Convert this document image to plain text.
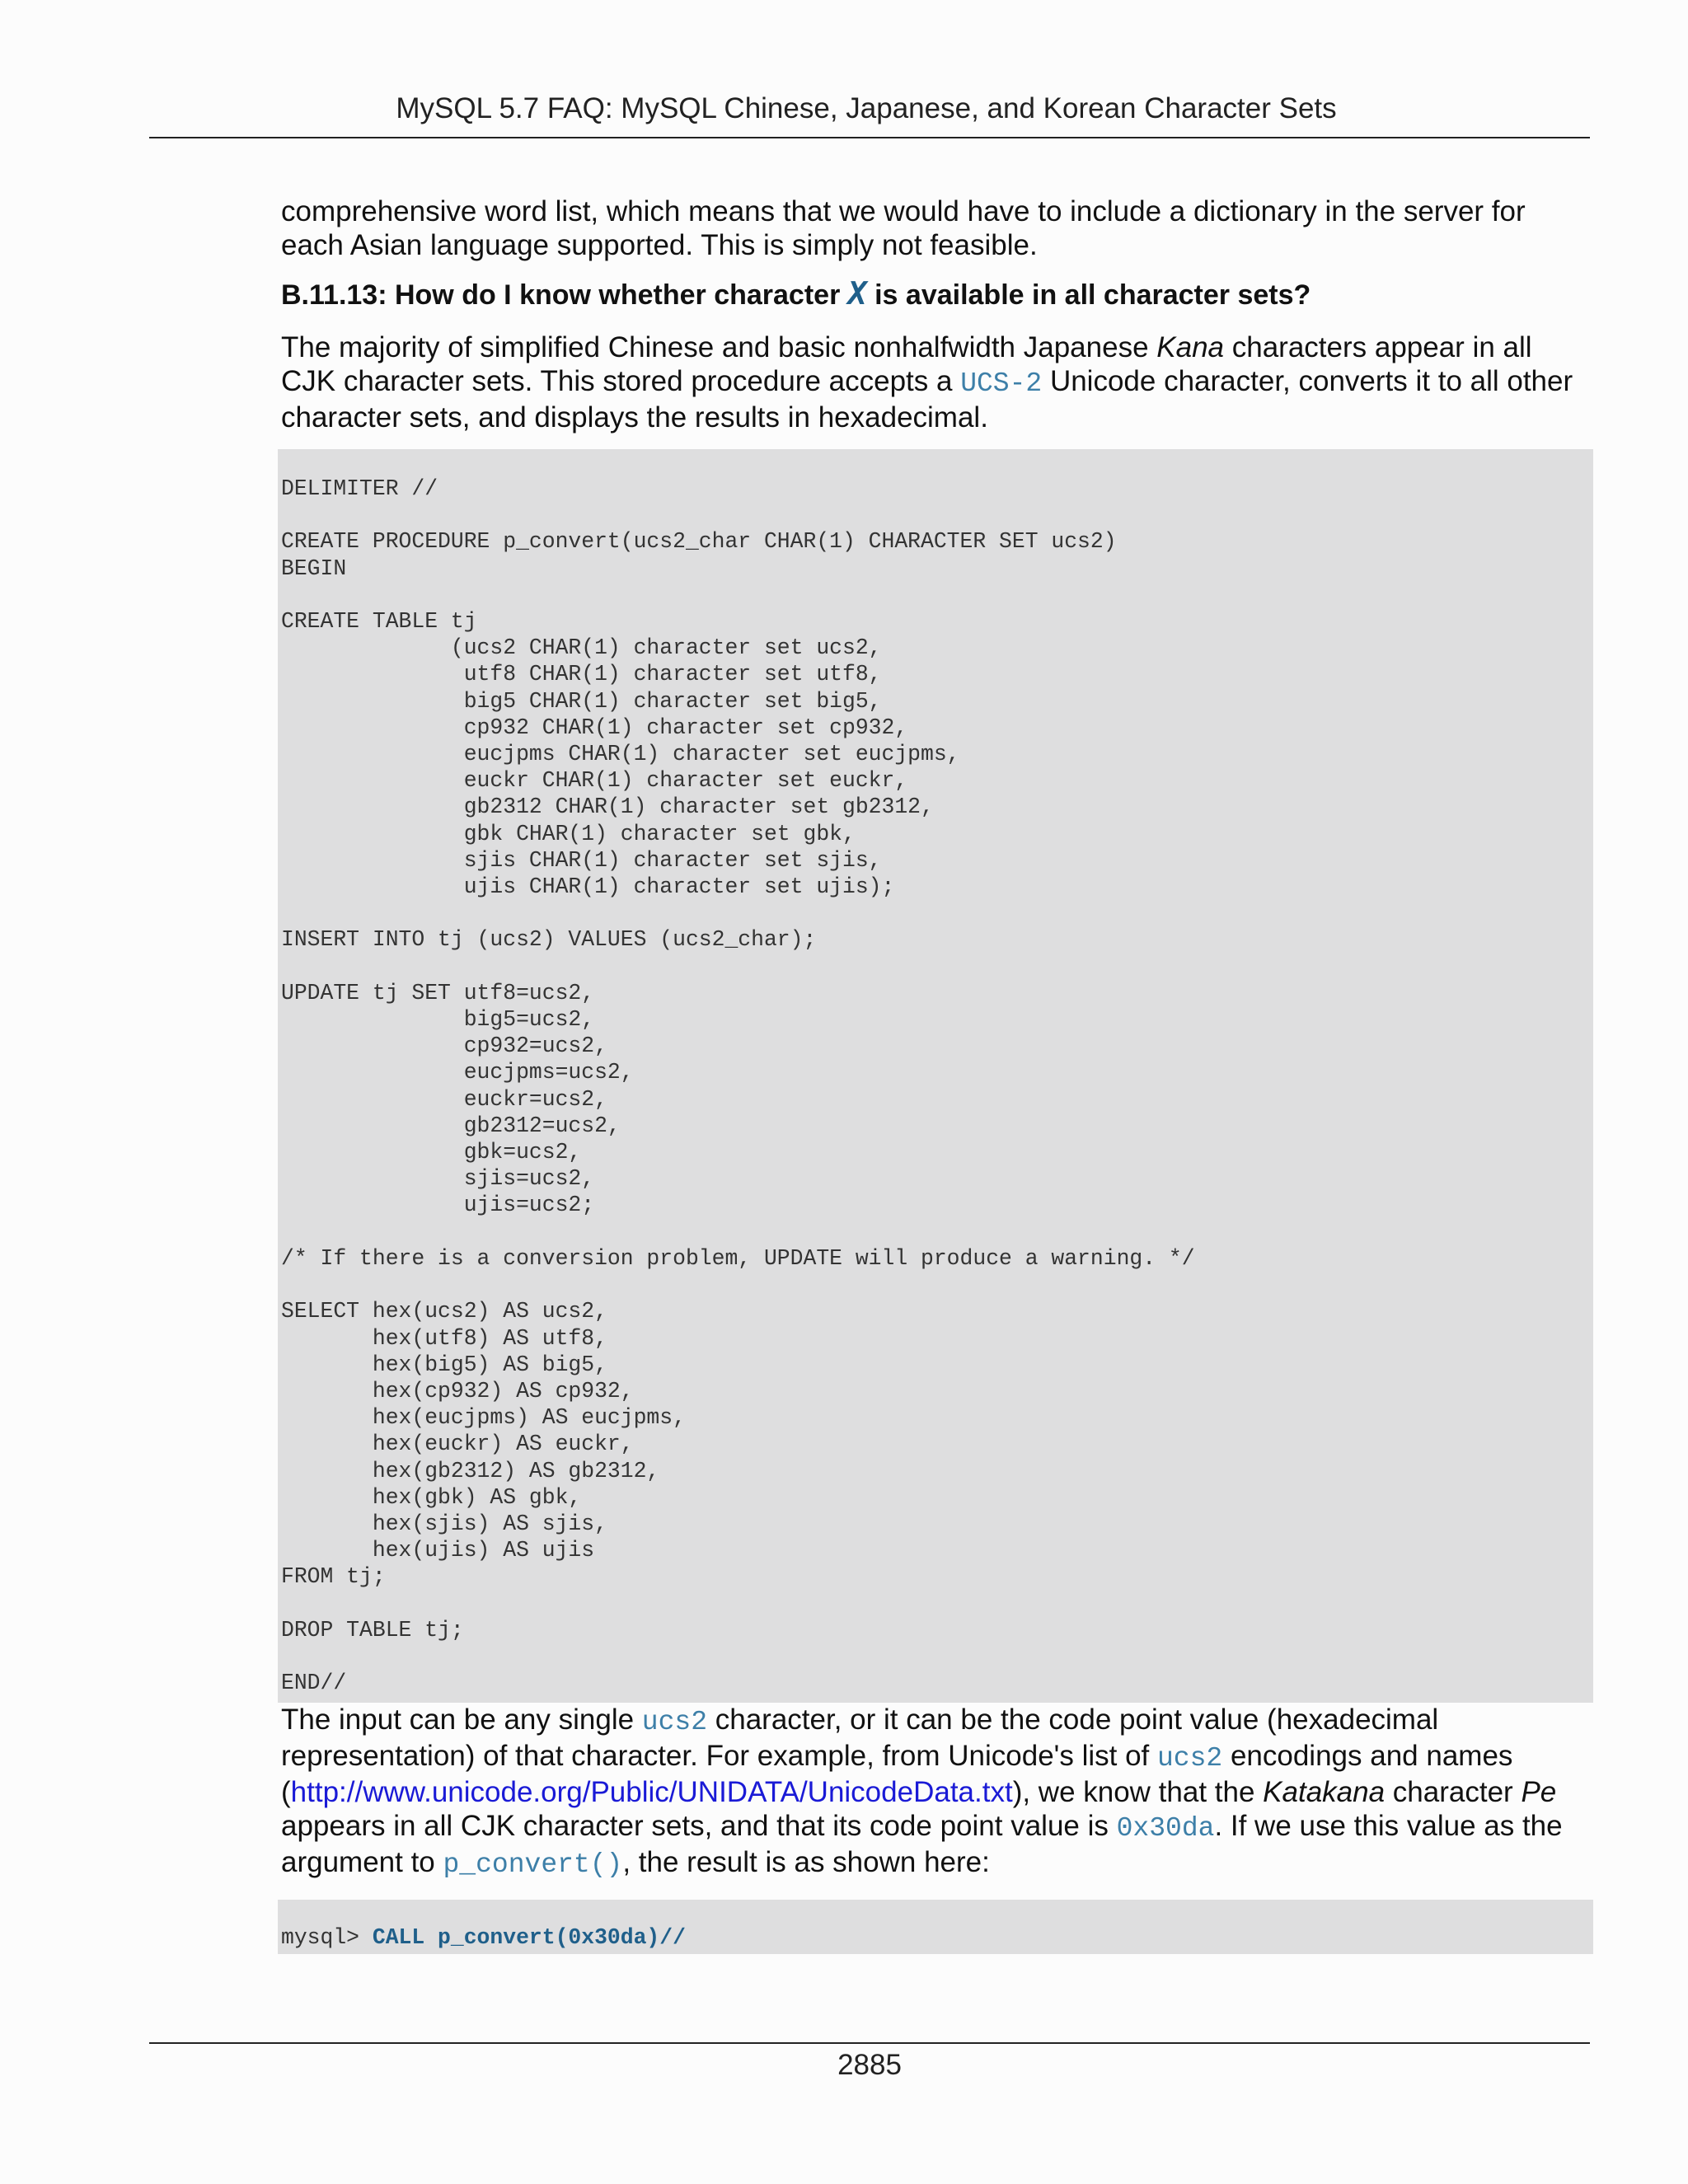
MySQL 5.7 FAQ: MySQL Chinese, Japanese, and Korean Character Sets

comprehensive word list, which means that we would have to include a dictionary in the server for each Asian language supported. This is simply not feasible.

B.11.13: How do I know whether character X is available in all character sets?

The majority of simplified Chinese and basic nonhalfwidth Japanese Kana characters appear in all CJK character sets. This stored procedure accepts a UCS-2 Unicode character, converts it to all other character sets, and displays the results in hexadecimal.

DELIMITER //

CREATE PROCEDURE p_convert(ucs2_char CHAR(1) CHARACTER SET ucs2)
BEGIN

CREATE TABLE tj
(ucs2 CHAR(1) character set ucs2,
utf8 CHAR(1) character set utf8,
big5 CHAR(1) character set big5,
cp932 CHAR(1) character set cp932,
eucjpms CHAR(1) character set eucjpms,
euckr CHAR(1) character set euckr,
gb2312 CHAR(1) character set gb2312,
gbk CHAR(1) character set gbk,
sjis CHAR(1) character set sjis,
ujis CHAR(1) character set ujis);

INSERT INTO tj (ucs2) VALUES (ucs2_char);

UPDATE tj SET utf8=ucs2,
big5=ucs2,
cp932=ucs2,
eucjpms=ucs2,
euckr=ucs2,
gb2312=ucs2,
gbk=ucs2,
sjis=ucs2,
ujis=ucs2;

/* If there is a conversion problem, UPDATE will produce a warning. */

SELECT hex(ucs2) AS ucs2,
hex(utf8) AS utf8,
hex(big5) AS big5,
hex(cp932) AS cp932,
hex(eucjpms) AS eucjpms,
hex(euckr) AS euckr,
hex(gb2312) AS gb2312,
hex(gbk) AS gbk,
hex(sjis) AS sjis,
hex(ujis) AS ujis
FROM tj;

DROP TABLE tj;

END//

The input can be any single ucs2 character, or it can be the code point value (hexadecimal representation) of that character. For example, from Unicode's list of ucs2 encodings and names (http://www.unicode.org/Public/UNIDATA/UnicodeData.txt), we know that the Katakana character Pe appears in all CJK character sets, and that its code point value is 0x30da. If we use this value as the argument to p_convert(), the result is as shown here:

mysql> CALL p_convert(0x30da)//
2885
